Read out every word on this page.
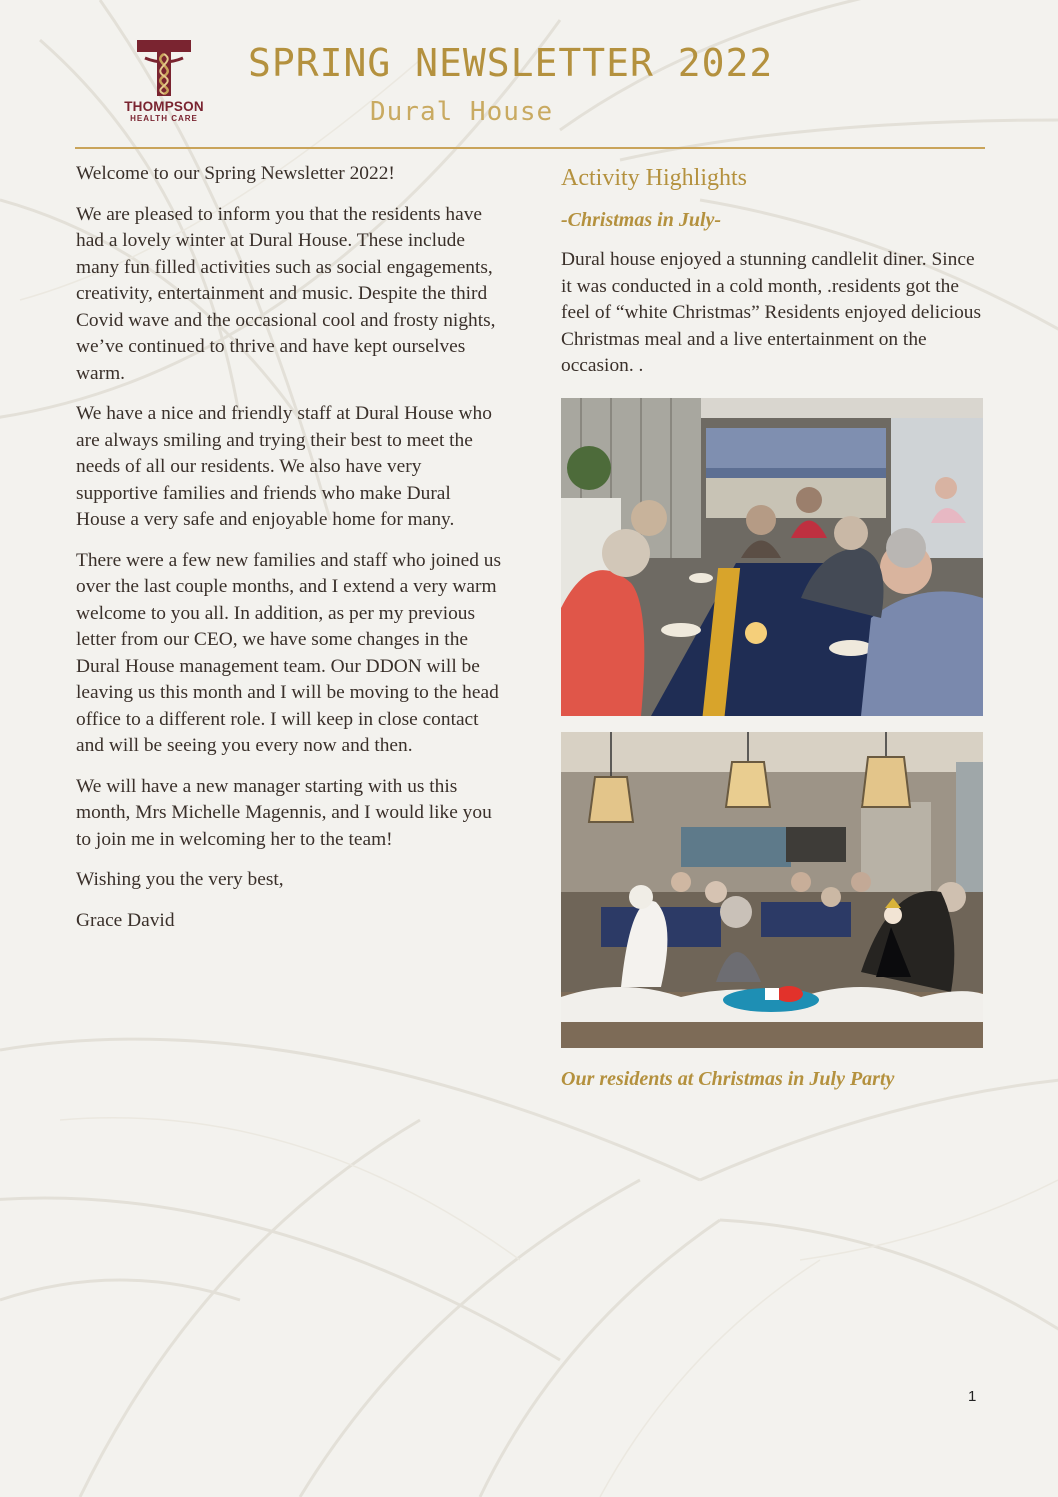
THOMPSON
HEALTH CARE
SPRING NEWSLETTER 2022
Dural House

Welcome to our Spring Newsletter 2022!

We are pleased to inform you that the residents have had a lovely winter at Dural House. These include many fun filled activities such as social engagements, creativity, entertainment and music. Despite the third Covid wave and the occasional cool and frosty nights, we’ve continued to thrive and have kept ourselves warm.

We have a nice and friendly staff at Dural House who are always smiling and trying their best to meet the needs of all our residents. We also have very supportive families and friends who make Dural House a very safe and enjoyable home for many.

There were a few new families and staff who joined us over the last couple months, and I extend a very warm welcome to you all. In addition, as per my previous letter from our CEO, we have some changes in the Dural House management team. Our DDON will be leaving us this month and I will be moving to the head office to a different role. I will keep in close contact and will be seeing you every now and then.

We will have a new manager starting with us this month, Mrs Michelle Magennis, and I would like you to join me in welcoming her to the team!

Wishing you the very best,

Grace David

Activity Highlights
-Christmas in July-
Dural house enjoyed a stunning candlelit diner. Since it was conducted in a cold month, .residents got the feel of “white Christmas” Residents enjoyed delicious Christmas meal and a live entertainment on the occasion. .
Our residents at Christmas in July Party
1
